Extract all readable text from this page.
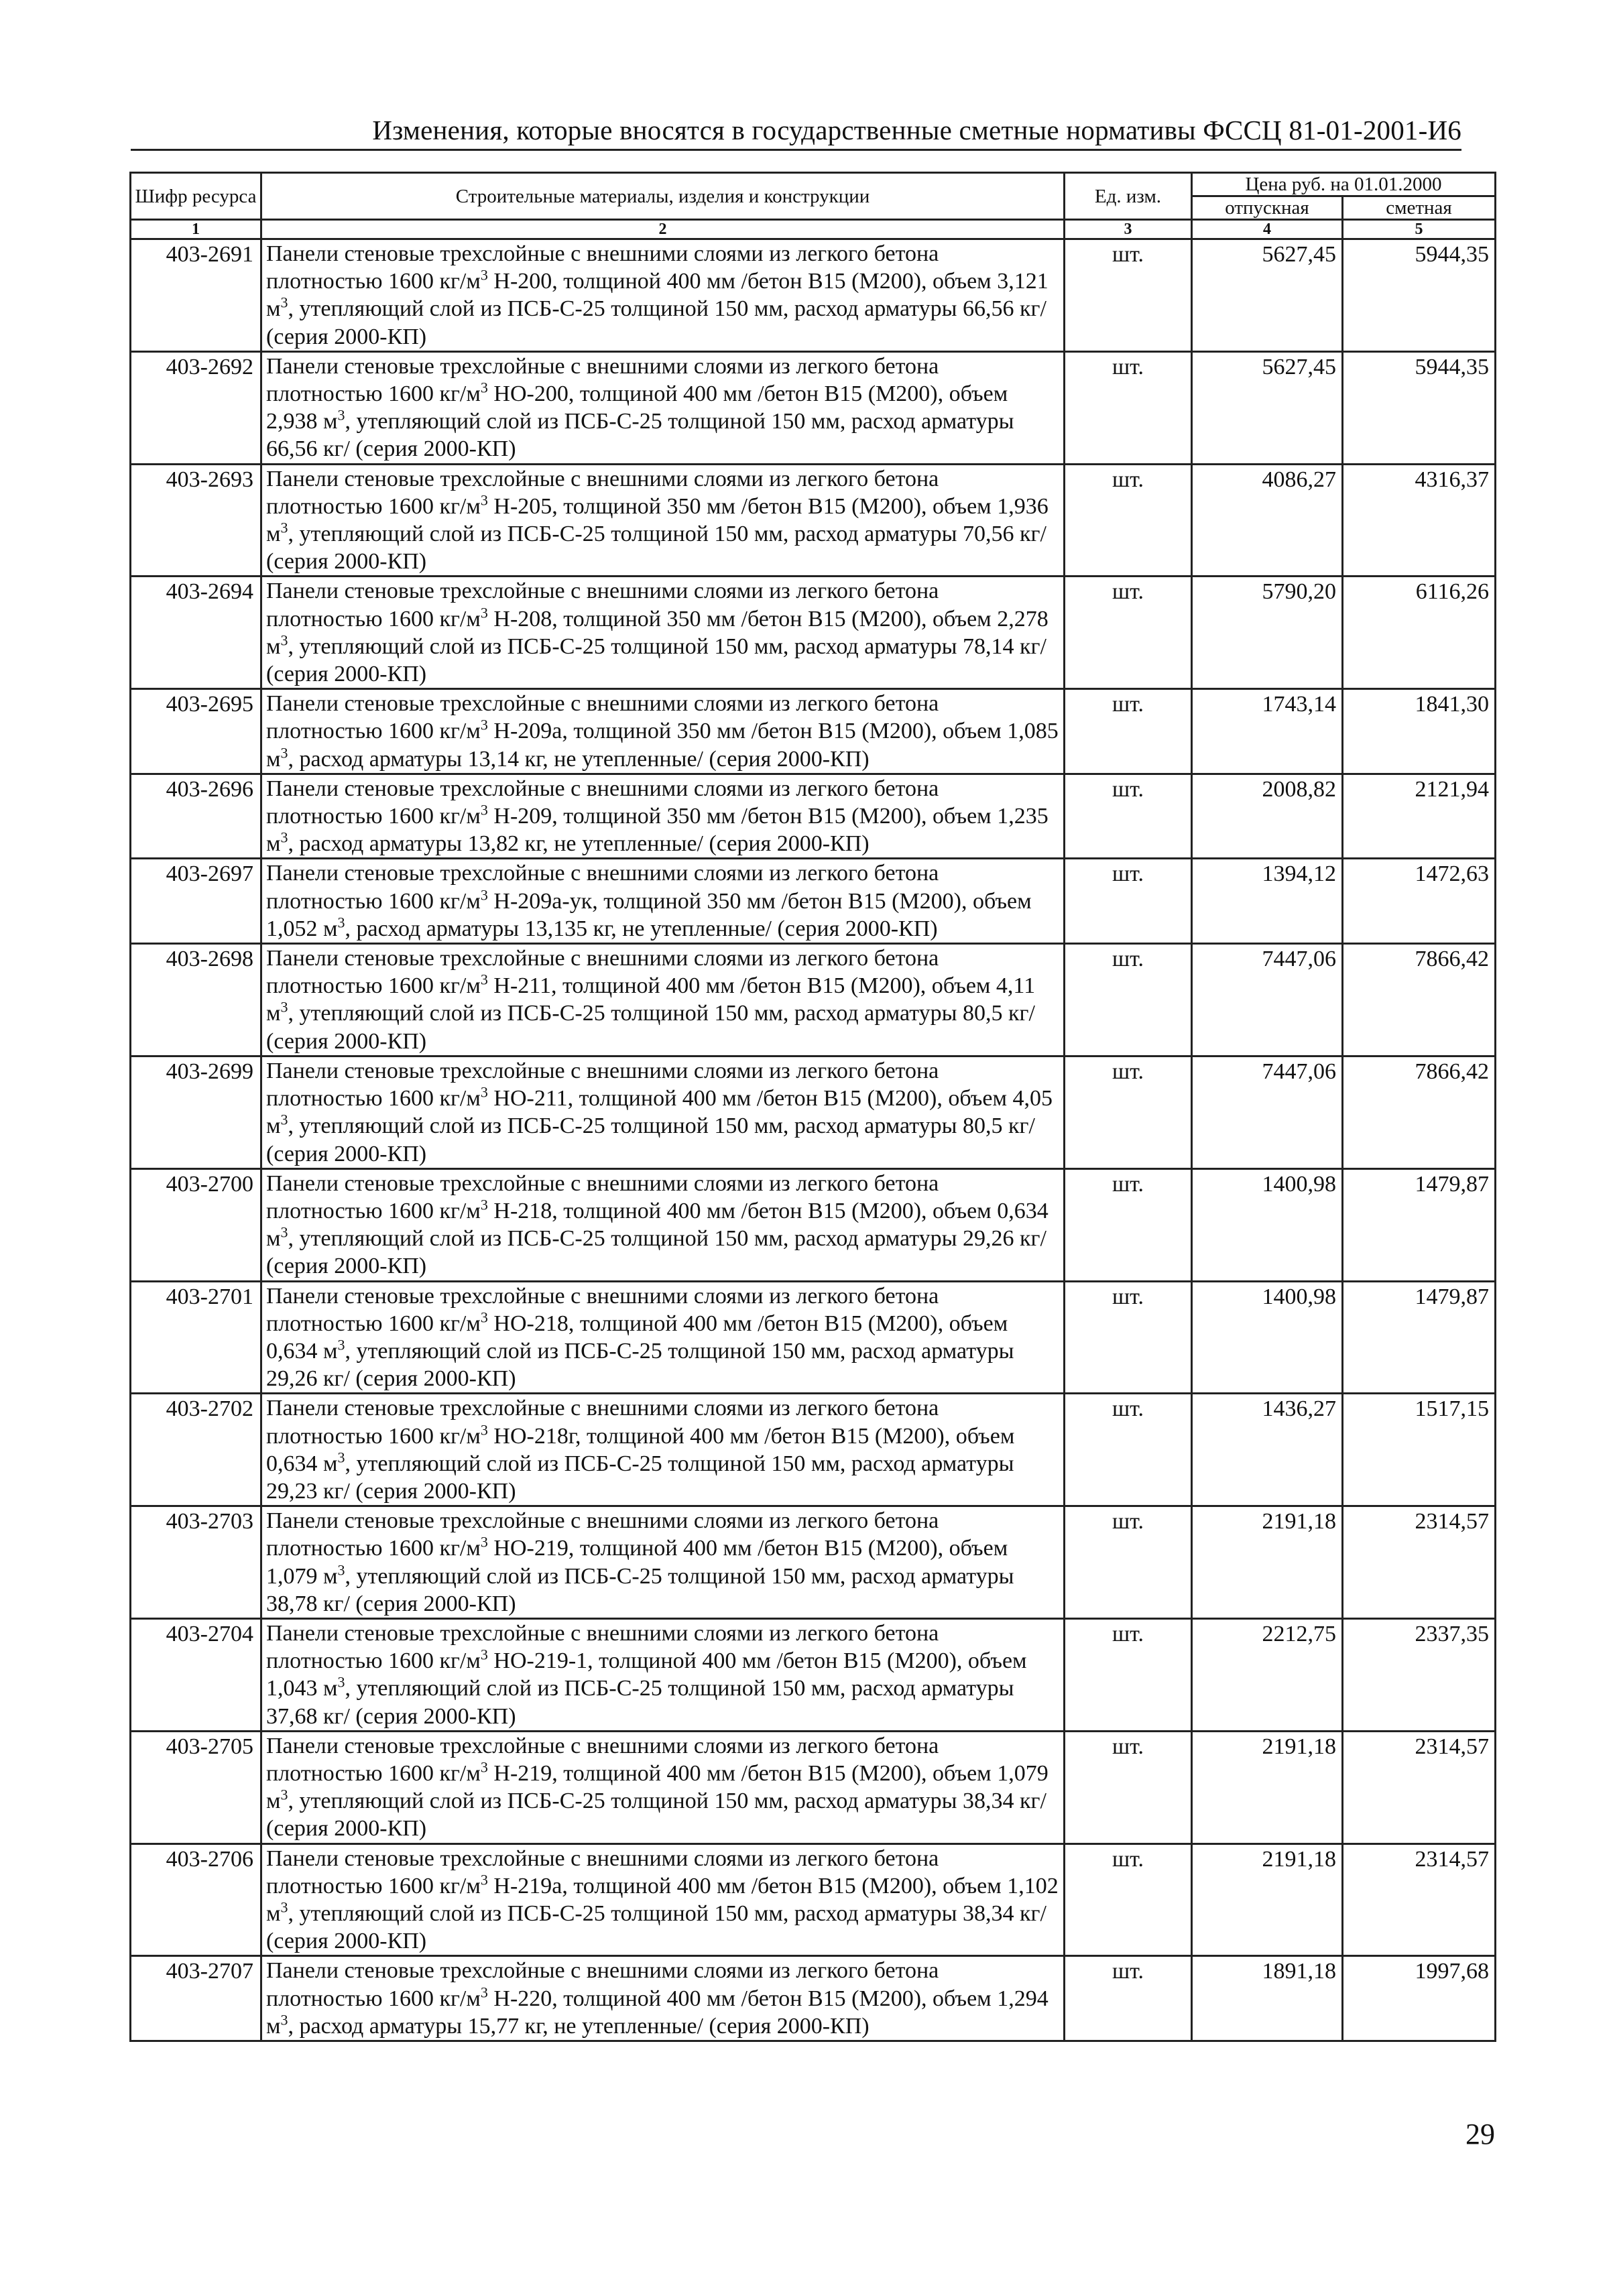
Изменения, которые вносятся в государственные сметные нормативы ФССЦ 81-01-2001-И6
Шифр ресурса	Строительные материалы, изделия и конструкции	Ед. изм.	Цена руб. на 01.01.2000	
			отпускная	сметная
1	2	3	4	5
403-2691	Панели стеновые трехслойные с внешними слоями из легкого бетона плотностью 1600 $кг/м^3$ Н-200, толщиной 400 мм /бетон В15 (М200), объем 3,121 $м^3$, утепляющий слой из ПСБ-С-25 толщиной 150 мм, расход арматуры 66,56 кг/ (серия 2000-КП)	шт.	5627,45	5944,35
403-2692	Панели стеновые трехслойные с внешними слоями из легкого бетона плотностью 1600 $кг/м^3$ НО-200, толщиной 400 мм /бетон В15 (М200), объем 2,938 $м^3$, утепляющий слой из ПСБ-С-25 толщиной 150 мм, расход арматуры 66,56 кг/ (серия 2000-КП)	шт.	5627,45	5944,35
403-2693	Панели стеновые трехслойные с внешними слоями из легкого бетона плотностью 1600 $кг/м^3$ Н-205, толщиной 350 мм /бетон В15 (М200), объем 1,936 $м^3$, утепляющий слой из ПСБ-С-25 толщиной 150 мм, расход арматуры 70,56 кг/ (серия 2000-КП)	шт.	4086,27	4316,37
403-2694	Панели стеновые трехслойные с внешними слоями из легкого бетона плотностью 1600 $кг/м^3$ Н-208, толщиной 350 мм /бетон В15 (М200), объем 2,278 $м^3$, утепляющий слой из ПСБ-С-25 толщиной 150 мм, расход арматуры 78,14 кг/ (серия 2000-КП)	шт.	5790,20	6116,26
403-2695	Панели стеновые трехслойные с внешними слоями из легкого бетона плотностью 1600 $кг/м^3$ Н-209а, толщиной 350 мм /бетон В15 (М200), объем 1,085 $м^3$, расход арматуры 13,14 кг, не утепленные/ (серия 2000-КП)	шт.	1743,14	1841,30
403-2696	Панели стеновые трехслойные с внешними слоями из легкого бетона плотностью 1600 $кг/м^3$ Н-209, толщиной 350 мм /бетон В15 (М200), объем 1,235 $м^3$, расход арматуры 13,82 кг, не утепленные/ (серия 2000-КП)	шт.	2008,82	2121,94
403-2697	Панели стеновые трехслойные с внешними слоями из легкого бетона плотностью 1600 $кг/м^3$ Н-209а-ук, толщиной 350 мм /бетон В15 (М200), объем 1,052 $м^3$, расход арматуры 13,135 кг, не утепленные/ (серия 2000-КП)	шт.	1394,12	1472,63
403-2698	Панели стеновые трехслойные с внешними слоями из легкого бетона плотностью 1600 $кг/м^3$ Н-211, толщиной 400 мм /бетон В15 (М200), объем 4,11 $м^3$, утепляющий слой из ПСБ-С-25 толщиной 150 мм, расход арматуры 80,5 кг/ (серия 2000-КП)	шт.	7447,06	7866,42
403-2699	Панели стеновые трехслойные с внешними слоями из легкого бетона плотностью 1600 $кг/м^3$ НО-211, толщиной 400 мм /бетон В15 (М200), объем 4,05 $м^3$, утепляющий слой из ПСБ-С-25 толщиной 150 мм, расход арматуры 80,5 кг/ (серия 2000-КП)	шт.	7447,06	7866,42
403-2700	Панели стеновые трехслойные с внешними слоями из легкого бетона плотностью 1600 $кг/м^3$ Н-218, толщиной 400 мм /бетон В15 (М200), объем 0,634 $м^3$, утепляющий слой из ПСБ-С-25 толщиной 150 мм, расход арматуры 29,26 кг/ (серия 2000-КП)	шт.	1400,98	1479,87
403-2701	Панели стеновые трехслойные с внешними слоями из легкого бетона плотностью 1600 $кг/м^3$ НО-218, толщиной 400 мм /бетон В15 (М200), объем 0,634 $м^3$, утепляющий слой из ПСБ-С-25 толщиной 150 мм, расход арматуры 29,26 кг/ (серия 2000-КП)	шт.	1400,98	1479,87
403-2702	Панели стеновые трехслойные с внешними слоями из легкого бетона плотностью 1600 $кг/м^3$ НО-218г, толщиной 400 мм /бетон В15 (М200), объем 0,634 $м^3$, утепляющий слой из ПСБ-С-25 толщиной 150 мм, расход арматуры 29,23 кг/ (серия 2000-КП)	шт.	1436,27	1517,15
403-2703	Панели стеновые трехслойные с внешними слоями из легкого бетона плотностью 1600 $кг/м^3$ НО-219, толщиной 400 мм /бетон В15 (М200), объем 1,079 $м^3$, утепляющий слой из ПСБ-С-25 толщиной 150 мм, расход арматуры 38,78 кг/ (серия 2000-КП)	шт.	2191,18	2314,57
403-2704	Панели стеновые трехслойные с внешними слоями из легкого бетона плотностью 1600 $кг/м^3$ НО-219-1, толщиной 400 мм /бетон В15 (М200), объем 1,043 $м^3$, утепляющий слой из ПСБ-С-25 толщиной 150 мм, расход арматуры 37,68 кг/ (серия 2000-КП)	шт.	2212,75	2337,35
403-2705	Панели стеновые трехслойные с внешними слоями из легкого бетона плотностью 1600 $кг/м^3$ Н-219, толщиной 400 мм /бетон В15 (М200), объем 1,079 $м^3$, утепляющий слой из ПСБ-С-25 толщиной 150 мм, расход арматуры 38,34 кг/ (серия 2000-КП)	шт.	2191,18	2314,57
403-2706	Панели стеновые трехслойные с внешними слоями из легкого бетона плотностью 1600 $кг/м^3$ Н-219а, толщиной 400 мм /бетон В15 (М200), объем 1,102 $м^3$, утепляющий слой из ПСБ-С-25 толщиной 150 мм, расход арматуры 38,34 кг/ (серия 2000-КП)	шт.	2191,18	2314,57
403-2707	Панели стеновые трехслойные с внешними слоями из легкого бетона плотностью 1600 $кг/м^3$ Н-220, толщиной 400 мм /бетон В15 (М200), объем 1,294 $м^3$, расход арматуры 15,77 кг, не утепленные/ (серия 2000-КП)	шт.	1891,18	1997,68
29
